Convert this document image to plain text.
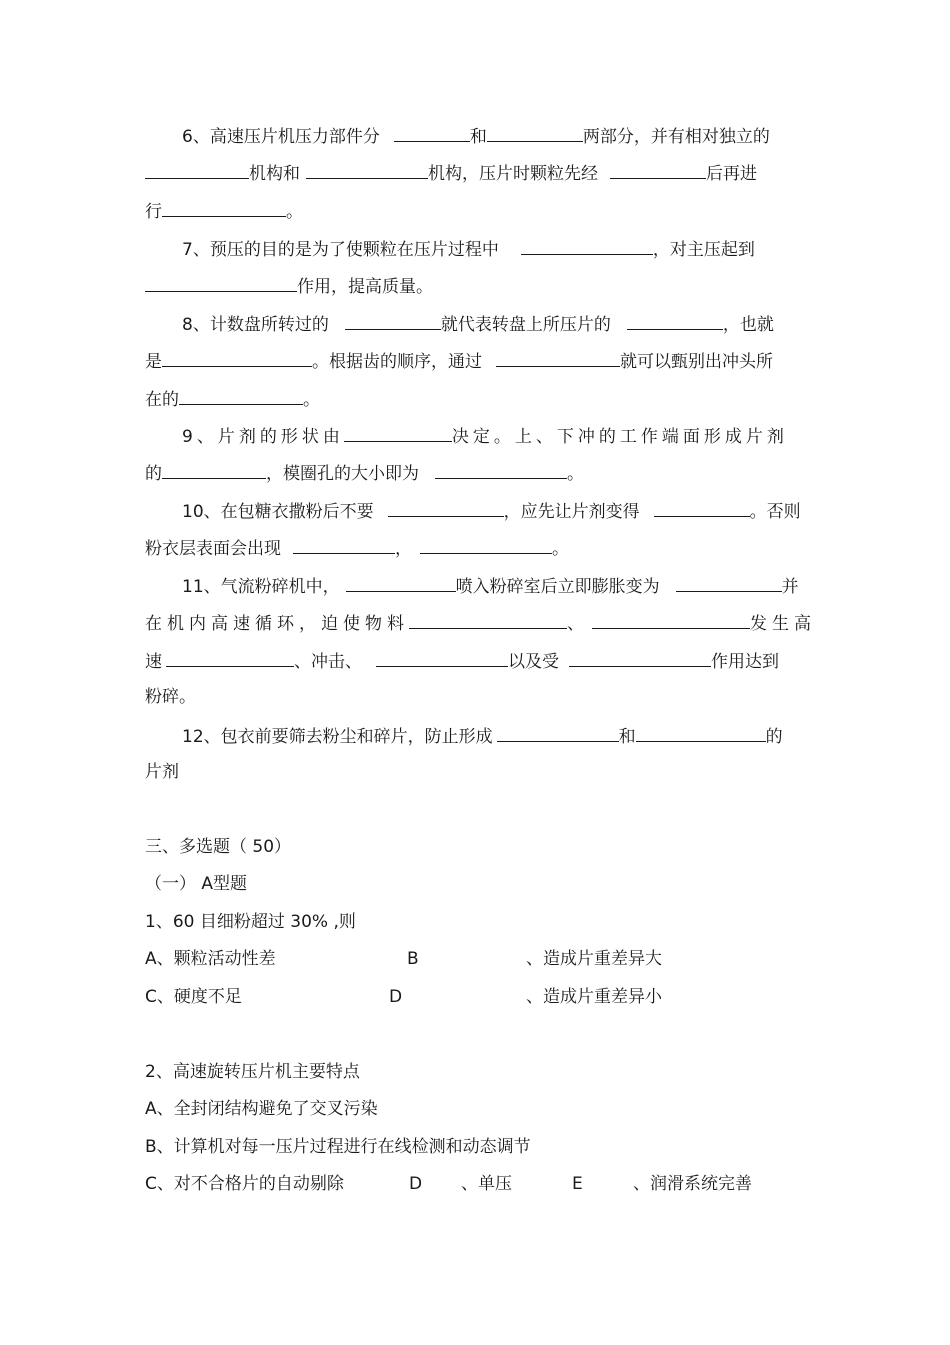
6、高速压片机压力部件分	和	两部分，并有相对独立的
机构和	机构，压片时颗粒先经	后再进
行	。
7、预压的目的是为了使颗粒在压片过程中	，对主压起到
作用，提高质量。
8、计数盘所转过的	就代表转盘上所压片的	，也就
是	。根据齿的顺序，通过	就可以甄别出冲头所
在的	。
9、片剂的形状由	决定。上、下冲的工作端面形成片剂
的	，模圈孔的大小即为	。
10、在包糖衣撒粉后不要	，应先让片剂变得	。否则
粉衣层表面会出现	，	。
11、气流粉碎机中，	喷入粉碎室后立即膨胀变为	并
在机内高速循环，迫使物料	、	发生高
速	、冲击、	以及受	作用达到
粉碎。
12、包衣前要筛去粉尘和碎片，防止形成	和	的
片剂
三、多选题（ 50）
（一） A型题
1、60 目细粉超过 30% ,则
A、颗粒活动性差	B	、造成片重差异大
C、硬度不足	D	、造成片重差异小
2、高速旋转压片机主要特点
A、全封闭结构避免了交叉污染
B、计算机对每一压片过程进行在线检测和动态调节
C、对不合格片的自动剔除	D 、单压	E	、润滑系统完善
